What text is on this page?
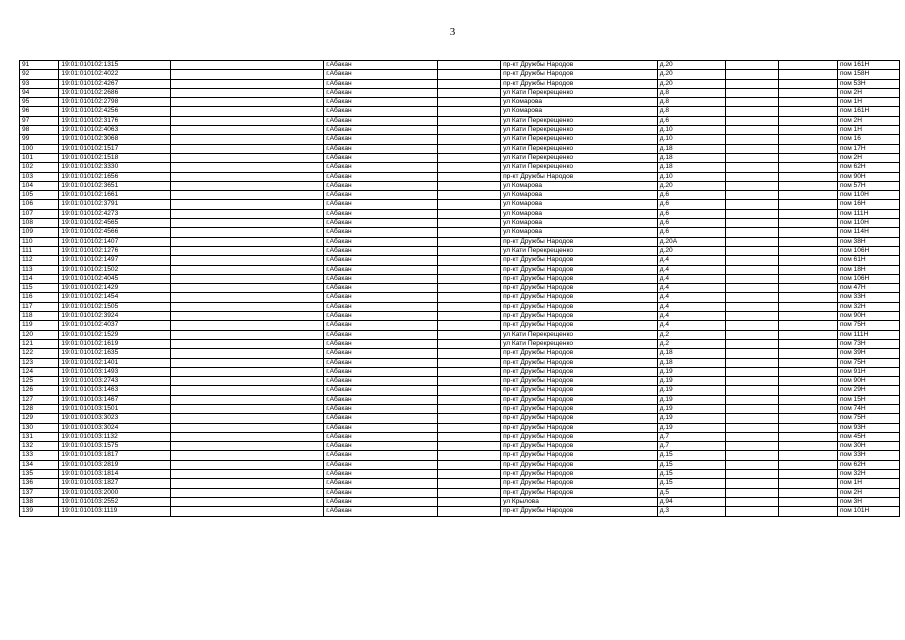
3
91	19:01:010102:1315		г.Абакан		пр-кт Дружбы Народов	д.20			пом 161Н
92	19:01:010102:4022		г.Абакан		пр-кт Дружбы Народов	д.20			пом 158Н
93	19:01:010102:4267		г.Абакан		пр-кт Дружбы Народов	д.20			пом 53Н
94	19:01:010102:2686		г.Абакан		ул Кати Перекрещенко	д.8			пом 2Н
95	19:01:010102:2798		г.Абакан		ул Комарова	д.8			пом 1Н
96	19:01:010102:4256		г.Абакан		ул Комарова	д.8			пом 161Н
97	19:01:010102:3176		г.Абакан		ул Кати Перекрещенко	д.6			пом 2Н
98	19:01:010102:4063		г.Абакан		ул Кати Перекрещенко	д.10			пом 1Н
99	19:01:010102:3068		г.Абакан		ул Кати Перекрещенко	д.10			пом 16
100	19:01:010102:1517		г.Абакан		ул Кати Перекрещенко	д.18			пом 17Н
101	19:01:010102:1518		г.Абакан		ул Кати Перекрещенко	д.18			пом 2Н
102	19:01:010102:3330		г.Абакан		ул Кати Перекрещенко	д.18			пом 62Н
103	19:01:010102:1656		г.Абакан		пр-кт Дружбы Народов	д.10			пом 90Н
104	19:01:010102:3651		г.Абакан		ул Комарова	д.20			пом 57Н
105	19:01:010102:1661		г.Абакан		ул Комарова	д.6			пом 110Н
106	19:01:010102:3791		г.Абакан		ул Комарова	д.6			пом 16Н
107	19:01:010102:4273		г.Абакан		ул Комарова	д.6			пом 111Н
108	19:01:010102:4565		г.Абакан		ул Комарова	д.6			пом 110Н
109	19:01:010102:4566		г.Абакан		ул Комарова	д.6			пом 114Н
110	19:01:010102:1407		г.Абакан		пр-кт Дружбы Народов	д.20А			пом 38Н
111	19:01:010102:1276		г.Абакан		ул Кати Перекрещенко	д.20			пом 106Н
112	19:01:010102:1497		г.Абакан		пр-кт Дружбы Народов	д.4			пом 61Н
113	19:01:010102:1502		г.Абакан		пр-кт Дружбы Народов	д.4			пом 18Н
114	19:01:010102:4045		г.Абакан		пр-кт Дружбы Народов	д.4			пом 106Н
115	19:01:010102:1429		г.Абакан		пр-кт Дружбы Народов	д.4			пом 47Н
116	19:01:010102:1454		г.Абакан		пр-кт Дружбы Народов	д.4			пом 33Н
117	19:01:010102:1505		г.Абакан		пр-кт Дружбы Народов	д.4			пом 32Н
118	19:01:010102:3924		г.Абакан		пр-кт Дружбы Народов	д.4			пом 90Н
119	19:01:010102:4037		г.Абакан		пр-кт Дружбы Народов	д.4			пом 75Н
120	19:01:010102:1529		г.Абакан		ул Кати Перекрещенко	д.2			пом 111Н
121	19:01:010102:1619		г.Абакан		ул Кати Перекрещенко	д.2			пом 73Н
122	19:01:010102:1635		г.Абакан		пр-кт Дружбы Народов	д.18			пом 39Н
123	19:01:010102:1401		г.Абакан		пр-кт Дружбы Народов	д.18			пом 75Н
124	19:01:010103:1493		г.Абакан		пр-кт Дружбы Народов	д.19			пом 91Н
125	19:01:010103:2743		г.Абакан		пр-кт Дружбы Народов	д.19			пом 90Н
126	19:01:010103:1463		г.Абакан		пр-кт Дружбы Народов	д.19			пом 29Н
127	19:01:010103:1467		г.Абакан		пр-кт Дружбы Народов	д.19			пом 15Н
128	19:01:010103:1501		г.Абакан		пр-кт Дружбы Народов	д.19			пом 74Н
129	19:01:010103:3023		г.Абакан		пр-кт Дружбы Народов	д.19			пом 75Н
130	19:01:010103:3024		г.Абакан		пр-кт Дружбы Народов	д.19			пом 93Н
131	19:01:010103:1132		г.Абакан		пр-кт Дружбы Народов	д.7			пом 45Н
132	19:01:010103:1575		г.Абакан		пр-кт Дружбы Народов	д.7			пом 30Н
133	19:01:010103:1817		г.Абакан		пр-кт Дружбы Народов	д.15			пом 33Н
134	19:01:010103:2819		г.Абакан		пр-кт Дружбы Народов	д.15			пом 62Н
135	19:01:010103:1814		г.Абакан		пр-кт Дружбы Народов	д.15			пом 32Н
136	19:01:010103:1827		г.Абакан		пр-кт Дружбы Народов	д.15			пом 1Н
137	19:01:010103:2000		г.Абакан		пр-кт Дружбы Народов	д.5			пом 2Н
138	19:01:010103:2552		г.Абакан		ул Крылова	д.94			пом 3Н
139	19:01:010103:1119		г.Абакан		пр-кт Дружбы Народов	д.3			пом 101Н
